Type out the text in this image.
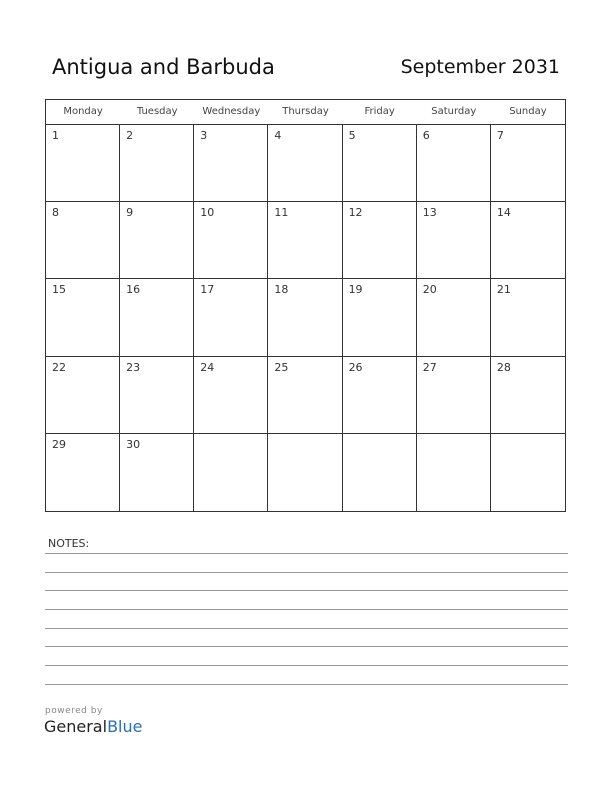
Antigua and Barbuda	September 2031
Monday	Tuesday	Wednesday	Thursday	Friday	Saturday	Sunday
1	2	3	4	5	6	7
8	9	10	11	12	13	14
15	16	17	18	19	20	21
22	23	24	25	26	27	28
29	30
NOTES:
powered by
GeneralBlue
